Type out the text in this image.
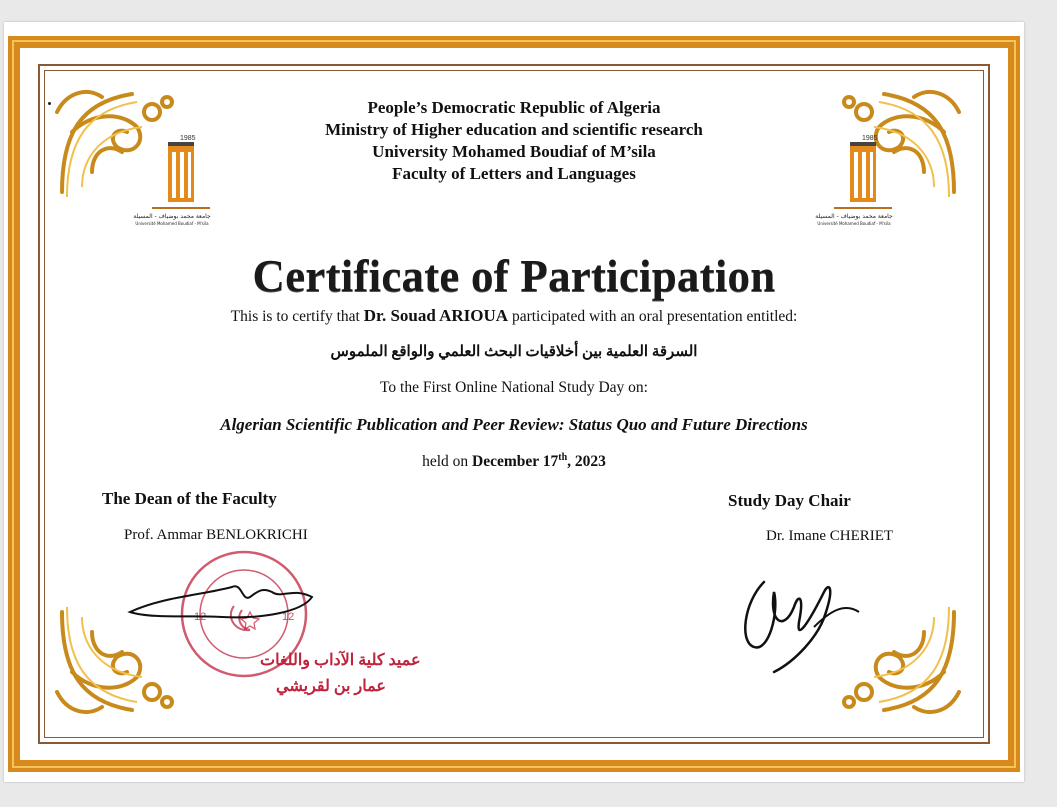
1985
جامعة محمد بوضياف - المسيلة
Université Mohamed Boudiaf - M'sila
1985
جامعة محمد بوضياف - المسيلة
Université Mohamed Boudiaf - M'sila
People’s Democratic Republic of Algeria
Ministry of Higher education and scientific research
University Mohamed Boudiaf of M’sila
Faculty of Letters and Languages
Certificate of Participation
This is to certify that Dr. Souad ARIOUA participated with an oral presentation entitled:
السرقة العلمية بين أخلاقيات البحث العلمي والواقع الملموس
To the First Online National Study Day on:
Algerian Scientific Publication and Peer Review: Status Quo and Future Directions
held on December 17th, 2023
The Dean of the Faculty
Prof. Ammar BENLOKRICHI
Study Day Chair
Dr. Imane CHERIET
12	12
عميد كلية الآداب واللغات
عمار بن لقريشي
